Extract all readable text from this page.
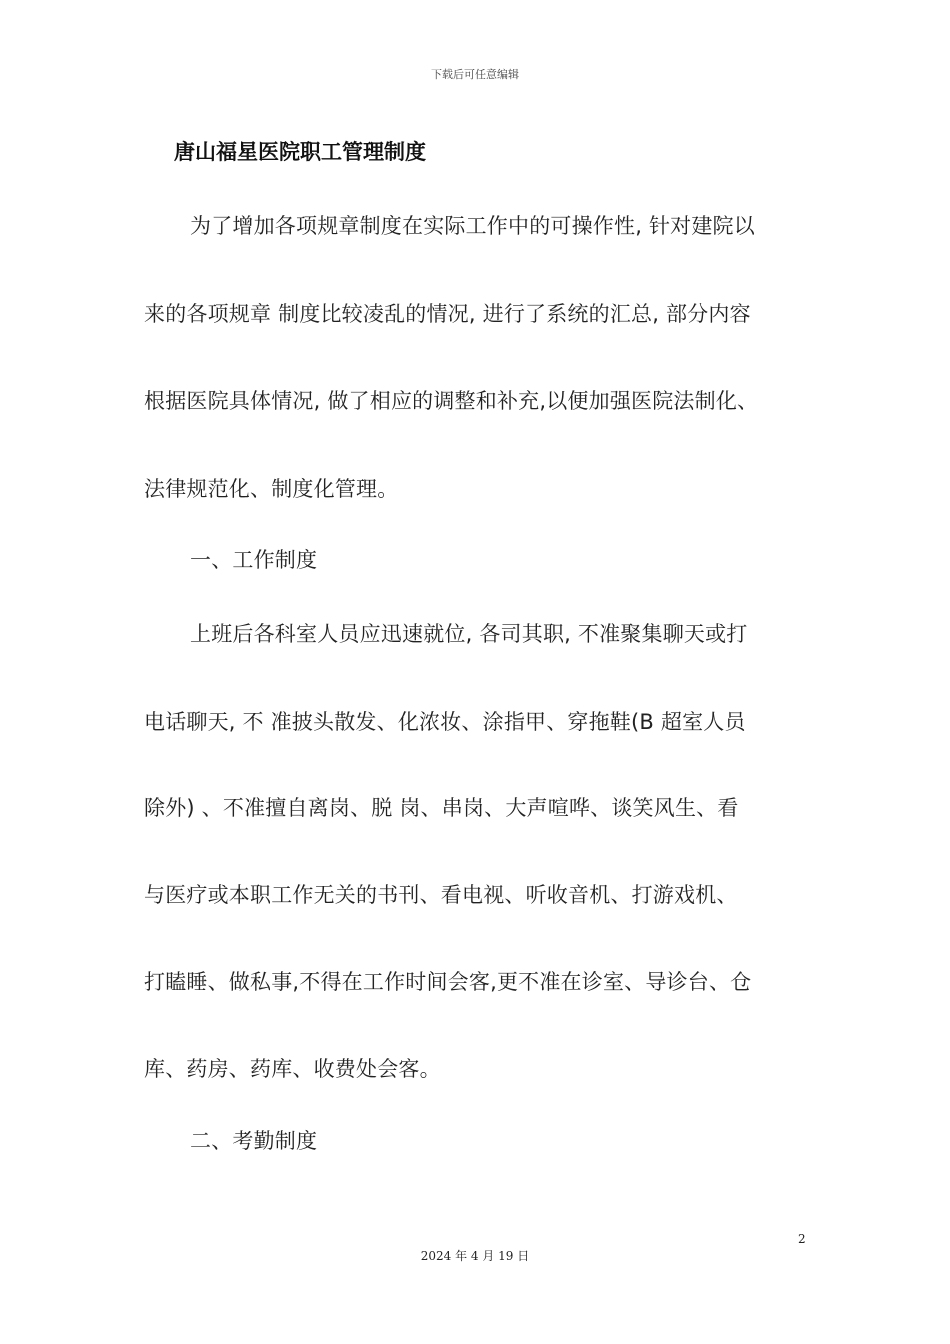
下载后可任意编辑
唐山福星医院职工管理制度
为了增加各项规章制度在实际工作中的可操作性, 针对建院以
来的各项规章 制度比较凌乱的情况, 进行了系统的汇总, 部分内容
根据医院具体情况, 做了相应的调整和补充,以便加强医院法制化、
法律规范化、制度化管理。
一、工作制度
上班后各科室人员应迅速就位, 各司其职, 不准聚集聊天或打
电话聊天, 不 准披头散发、化浓妆、涂指甲、穿拖鞋(B 超室人员
除外) 、不准擅自离岗、脱 岗、串岗、大声喧哗、谈笑风生、看
与医疗或本职工作无关的书刊、看电视、听收音机、打游戏机、
打瞌睡、做私事,不得在工作时间会客,更不准在诊室、导诊台、仓
库、药房、药库、收费处会客。
二、考勤制度
2
2024 年 4 月 19 日
